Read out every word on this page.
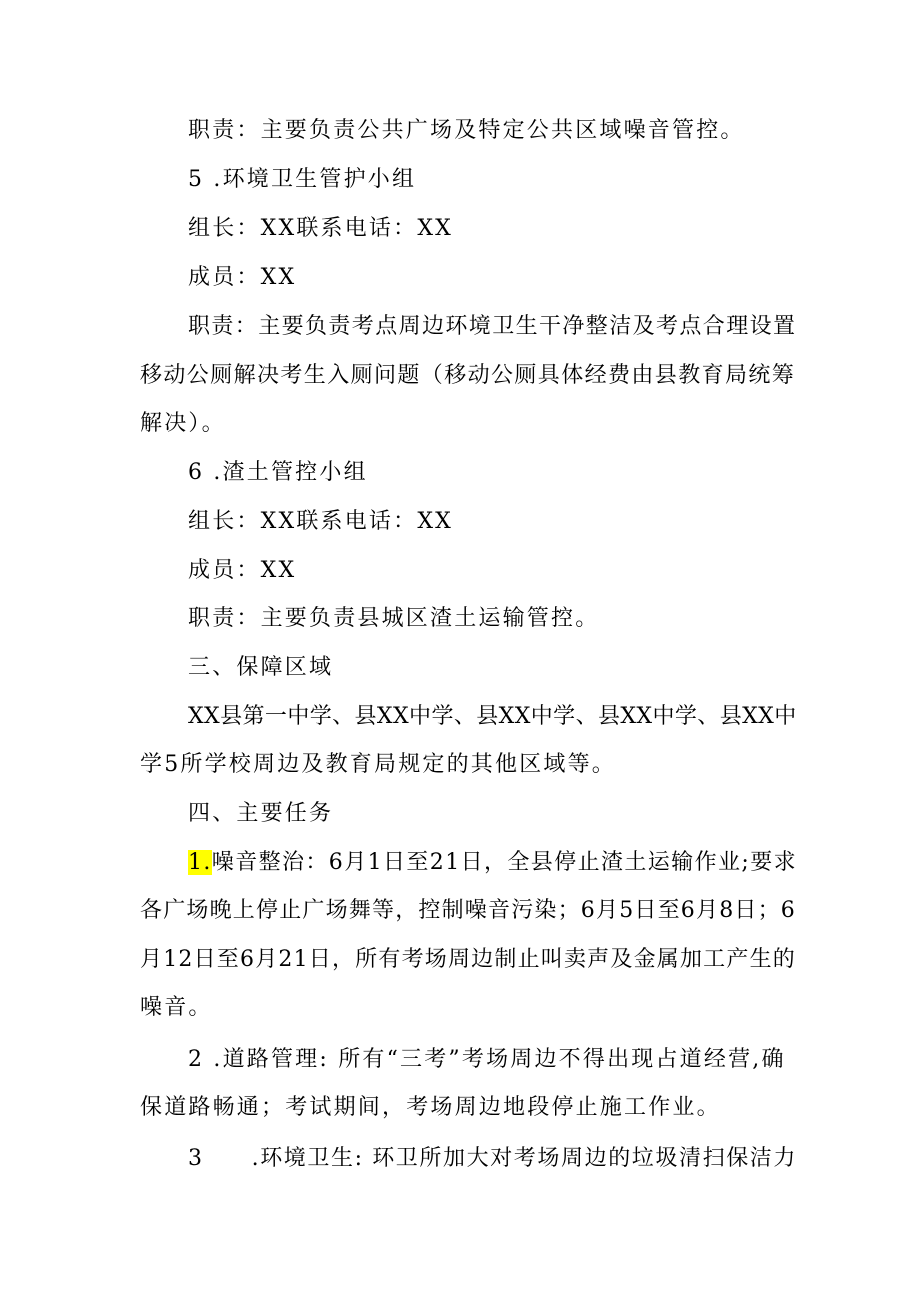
职责：主要负责公共广场及特定公共区域噪音管控。
5 .环境卫生管护小组
组长：XX联系电话：XX
成员：XX
职责：主要负责考点周边环境卫生干净整洁及考点合理设置
移动公厕解决考生入厕问题（移动公厕具体经费由县教育局统筹
解决）。
6 .渣土管控小组
组长：XX联系电话：XX
成员：XX
职责：主要负责县城区渣土运输管控。
三、保障区域
XX县第一中学、县XX中学、县XX中学、县XX中学、县XX中
学5所学校周边及教育局规定的其他区域等。
四、主要任务
1.噪音整治：6月1日至21日，全县停止渣土运输作业;要求
各广场晚上停止广场舞等，控制噪音污染；6月5日至6月8日；6
月12日至6月21日，所有考场周边制止叫卖声及金属加工产生的
噪音。
2 .道路管理: 所有“三考”考场周边不得出现占道经营,确
保道路畅通；考试期间，考场周边地段停止施工作业。
3 .环境卫生: 环卫所加大对考场周边的垃圾清扫保洁力
